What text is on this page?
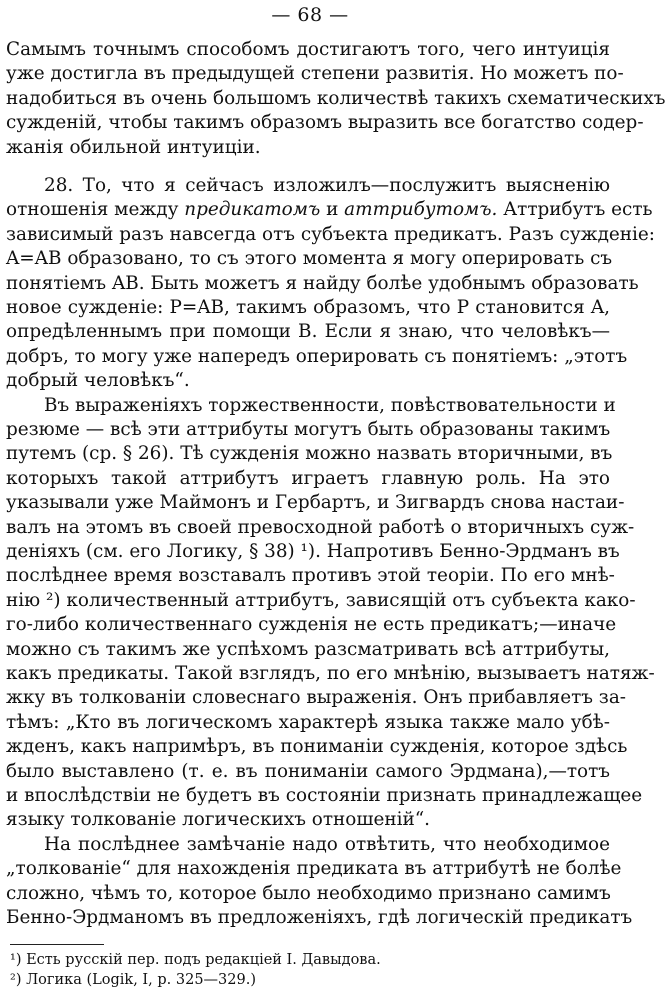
— 68 —
Самымъ точнымъ способомъ достигаютъ того, чего интуиція
уже достигла въ предыдущей степени развитія. Но можетъ по-
надобиться въ очень большомъ количествѣ такихъ схематическихъ
сужденій, чтобы такимъ образомъ выразить все богатство содер-
жанія обильной интуиціи.
28. То, что я сейчасъ изложилъ—послужитъ выясненію
отношенія между предикатомъ и аттрибутомъ. Аттрибутъ есть
зависимый разъ навсегда отъ субъекта предикатъ. Разъ сужденіе:
A=AB образовано, то съ этого момента я могу оперировать съ
понятіемъ AB. Быть можетъ я найду болѣе удобнымъ образовать
новое сужденіе: P=AB, такимъ образомъ, что P становится A,
опредѣленнымъ при помощи B. Если я знаю, что человѣкъ—
добръ, то могу уже напередъ оперировать съ понятіемъ: „этотъ
добрый человѣкъ“.
Въ выраженіяхъ торжественности, повѣствовательности и
резюме — всѣ эти аттрибуты могутъ быть образованы такимъ
путемъ (ср. § 26). Тѣ сужденія можно назвать вторичными, въ
которыхъ такой аттрибутъ играетъ главную роль. На это
указывали уже Маймонъ и Гербартъ, и Зигвардъ снова настаи-
валъ на этомъ въ своей превосходной работѣ о вторичныхъ суж-
деніяхъ (см. его Логику, § 38) ¹). Напротивъ Бенно-Эрдманъ въ
послѣднее время возставалъ противъ этой теоріи. По его мнѣ-
нію ²) количественный аттрибутъ, зависящій отъ субъекта како-
го-либо количественнаго сужденія не есть предикатъ;—иначе
можно съ такимъ же успѣхомъ разсматривать всѣ аттрибуты,
какъ предикаты. Такой взглядъ, по его мнѣнію, вызываетъ натяж-
жку въ толкованіи словеснаго выраженія. Онъ прибавляетъ за-
тѣмъ: „Кто въ логическомъ характерѣ языка также мало убѣ-
жденъ, какъ напримѣръ, въ пониманіи сужденія, которое здѣсь
было выставлено (т. е. въ пониманіи самого Эрдмана),—тотъ
и впослѣдствіи не будетъ въ состояніи признать принадлежащее
языку толкованіе логическихъ отношеній“.
На послѣднее замѣчаніе надо отвѣтить, что необходимое
„толкованіе“ для нахожденія предиката въ аттрибутѣ не болѣе
¹) Есть русскій пер. подъ редакціей I. Давыдова.
²) Логика (Logik, I, p. 325—329.)
сложно, чѣмъ то, которое было необходимо признано самимъ
Бенно-Эрдманомъ въ предложеніяхъ, гдѣ логическій предикатъ
